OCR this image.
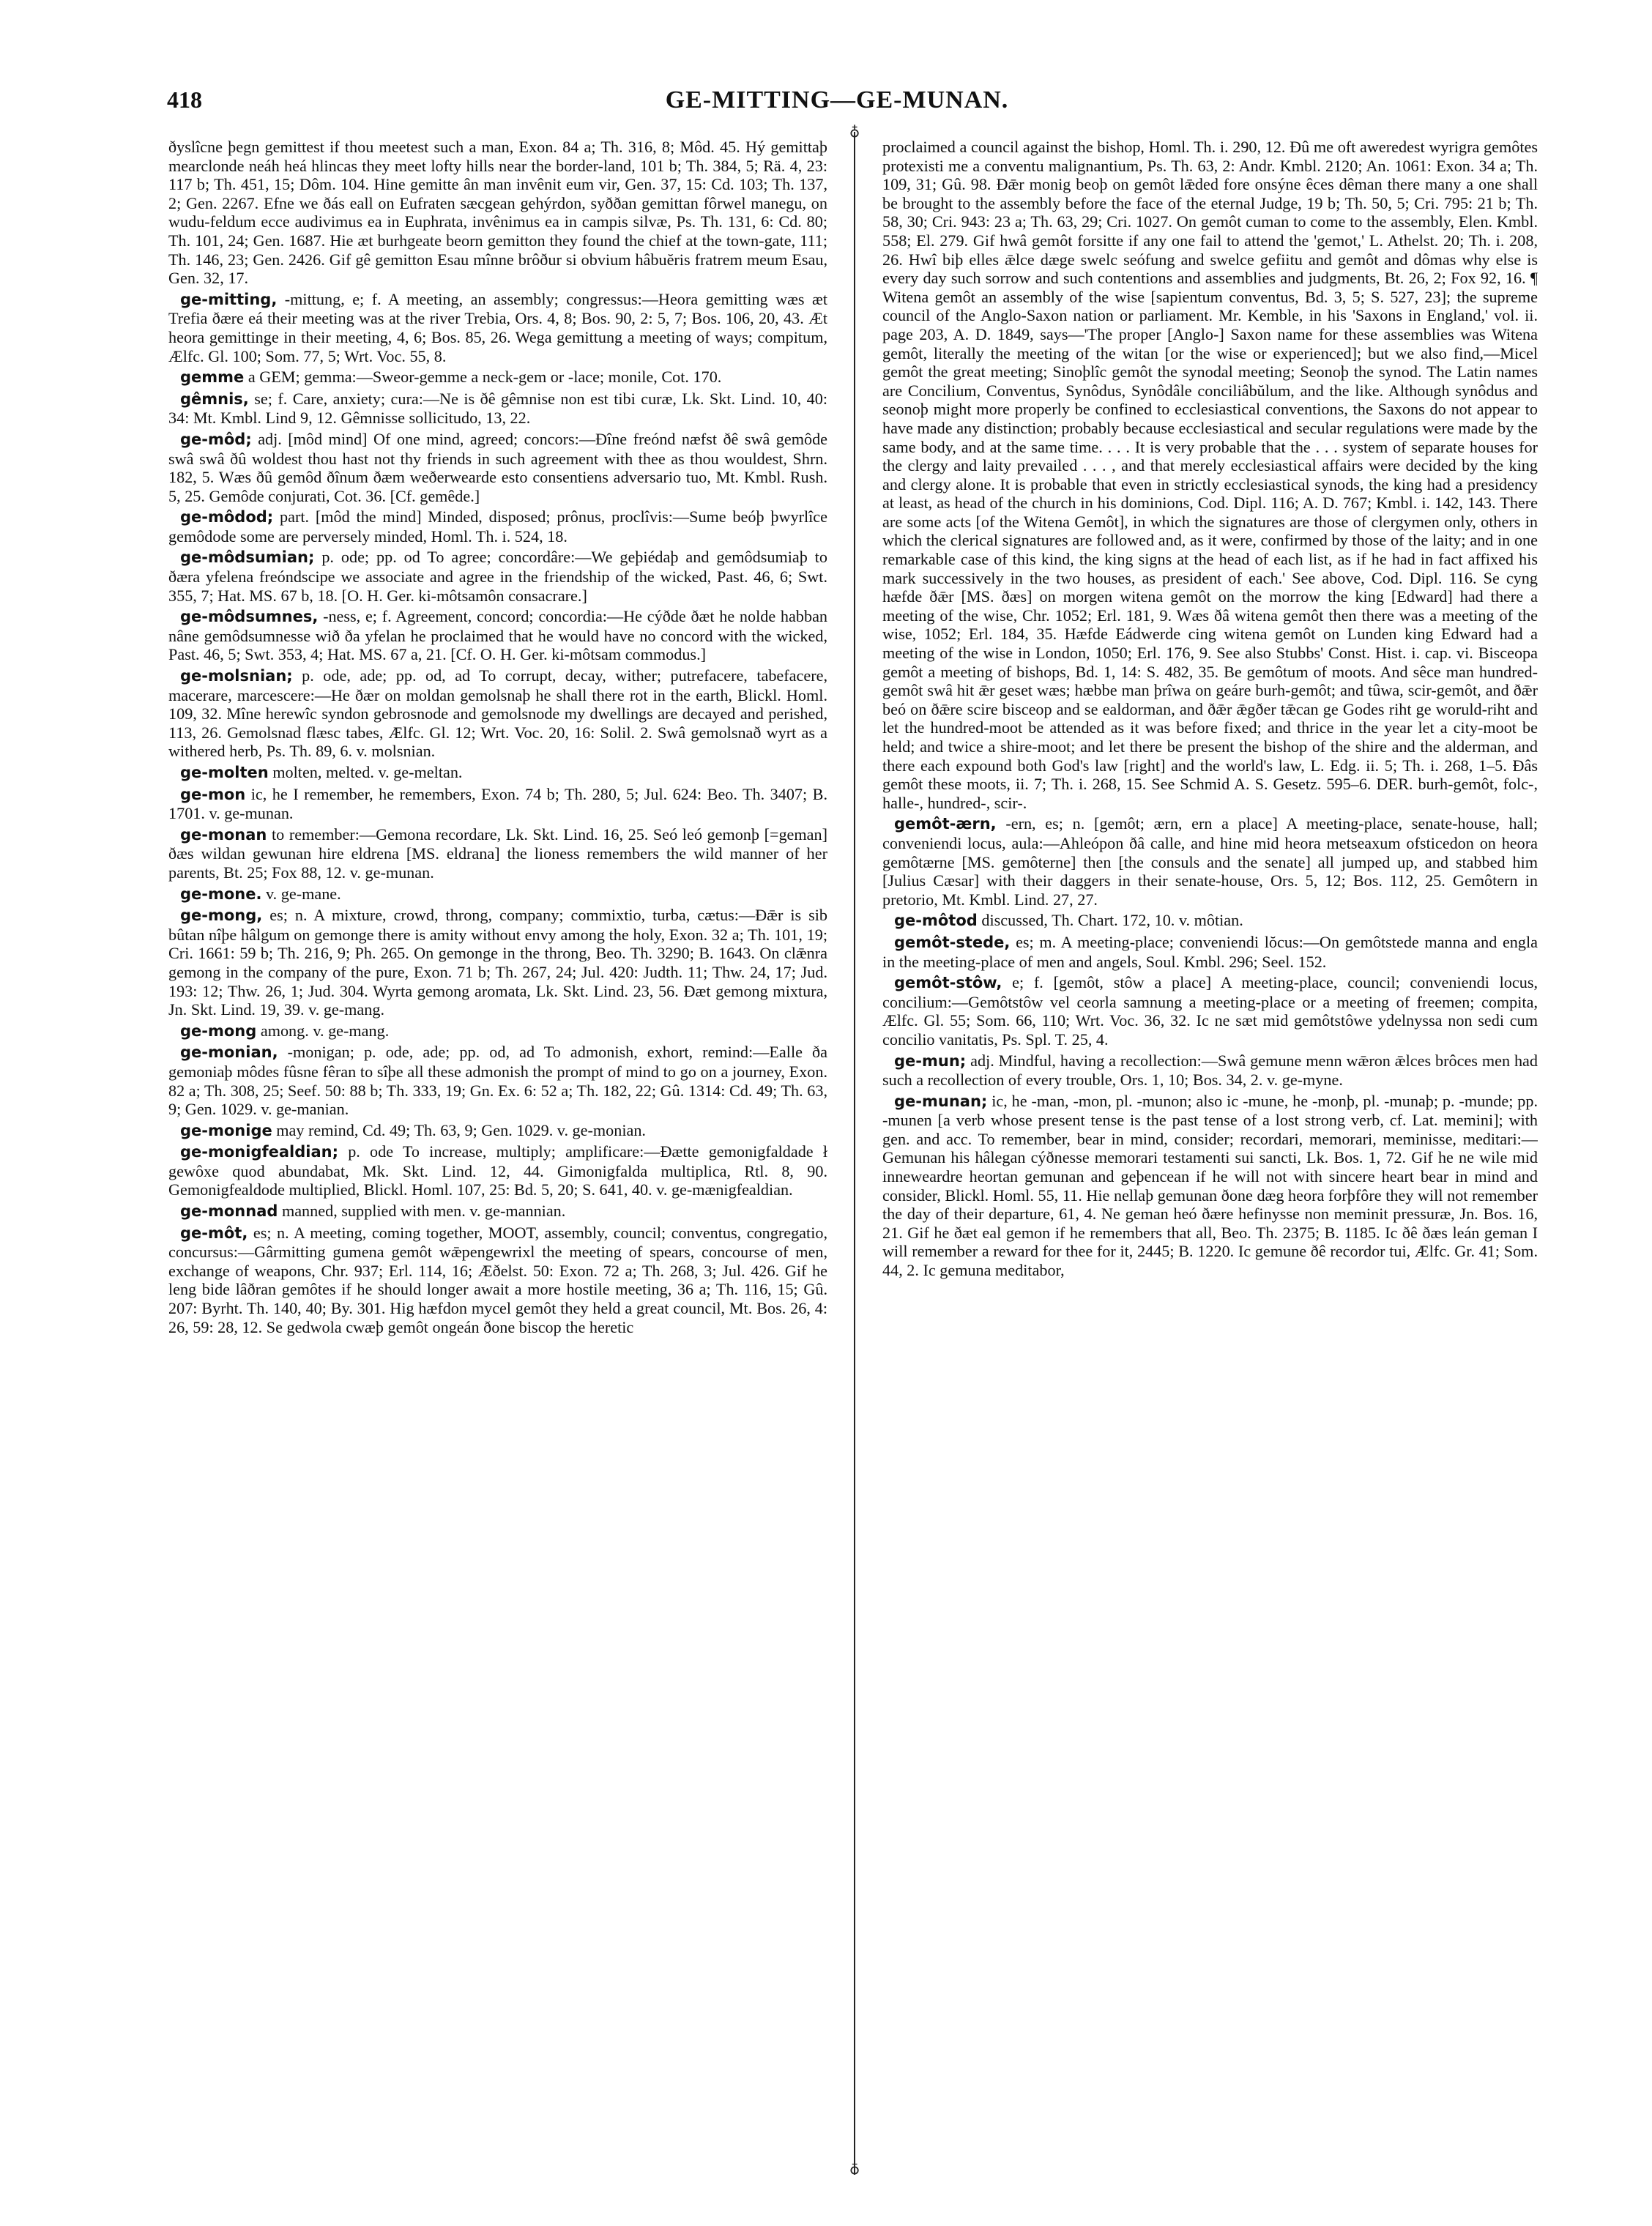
418	GE-MITTING—GE-MUNAN.
♁
♁

ðyslîcne þegn gemittest if thou meetest such a man, Exon. 84 a; Th. 316, 8; Môd. 45. Hý gemittaþ mearclonde neáh heá hlincas they meet lofty hills near the border-land, 101 b; Th. 384, 5; Rä. 4, 23: 117 b; Th. 451, 15; Dôm. 104. Hine gemitte ân man invênit eum vir, Gen. 37, 15: Cd. 103; Th. 137, 2; Gen. 2267. Efne we ðás eall on Eufraten sæcgean gehýrdon, syððan gemittan fôrwel manegu, on wudu-feldum ecce audivimus ea in Euphrata, invênimus ea in campis silvæ, Ps. Th. 131, 6: Cd. 80; Th. 101, 24; Gen. 1687. Hie æt burhgeate beorn gemitton they found the chief at the town-gate, 111; Th. 146, 23; Gen. 2426. Gif gê gemitton Esau mînne brôður si obvium hâbuĕris fratrem meum Esau, Gen. 32, 17.

ge-mitting, -mittung, e; f. A meeting, an assembly; congressus:—Heora gemitting wæs æt Trefia ðære eá their meeting was at the river Trebia, Ors. 4, 8; Bos. 90, 2: 5, 7; Bos. 106, 20, 43. Æt heora gemittinge in their meeting, 4, 6; Bos. 85, 26. Wega gemittung a meeting of ways; compitum, Ælfc. Gl. 100; Som. 77, 5; Wrt. Voc. 55, 8.

gemme a GEM; gemma:—Sweor-gemme a neck-gem or -lace; monile, Cot. 170.

gêmnis, se; f. Care, anxiety; cura:—Ne is ðê gêmnise non est tibi curæ, Lk. Skt. Lind. 10, 40: 34: Mt. Kmbl. Lind 9, 12. Gêmnisse sollicitudo, 13, 22.

ge-môd; adj. [môd mind] Of one mind, agreed; concors:—Ðîne freónd næfst ðê swâ gemôde swâ swâ ðû woldest thou hast not thy friends in such agreement with thee as thou wouldest, Shrn. 182, 5. Wæs ðû gemôd ðînum ðæm weðerwearde esto consentiens adversario tuo, Mt. Kmbl. Rush. 5, 25. Gemôde conjurati, Cot. 36. [Cf. gemêde.]

ge-môdod; part. [môd the mind] Minded, disposed; prônus, proclîvis:—Sume beóþ þwyrlîce gemôdode some are perversely minded, Homl. Th. i. 524, 18.

ge-môdsumian; p. ode; pp. od To agree; concordâre:—We geþiédaþ and gemôdsumiaþ to ðæra yfelena freóndscipe we associate and agree in the friendship of the wicked, Past. 46, 6; Swt. 355, 7; Hat. MS. 67 b, 18. [O. H. Ger. ki-môtsamôn consacrare.]

ge-môdsumnes, -ness, e; f. Agreement, concord; concordia:—He cýðde ðæt he nolde habban nâne gemôdsumnesse wið ða yfelan he proclaimed that he would have no concord with the wicked, Past. 46, 5; Swt. 353, 4; Hat. MS. 67 a, 21. [Cf. O. H. Ger. ki-môtsam commodus.]

ge-molsnian; p. ode, ade; pp. od, ad To corrupt, decay, wither; putrefacere, tabefacere, macerare, marcescere:—He ðær on moldan gemolsnaþ he shall there rot in the earth, Blickl. Homl. 109, 32. Mîne herewîc syndon gebrosnode and gemolsnode my dwellings are decayed and perished, 113, 26. Gemolsnad flæsc tabes, Ælfc. Gl. 12; Wrt. Voc. 20, 16: Solil. 2. Swâ gemolsnað wyrt as a withered herb, Ps. Th. 89, 6. v. molsnian.

ge-molten molten, melted. v. ge-meltan.

ge-mon ic, he I remember, he remembers, Exon. 74 b; Th. 280, 5; Jul. 624: Beo. Th. 3407; B. 1701. v. ge-munan.

ge-monan to remember:—Gemona recordare, Lk. Skt. Lind. 16, 25. Seó leó gemonþ [=geman] ðæs wildan gewunan hire eldrena [MS. eldrana] the lioness remembers the wild manner of her parents, Bt. 25; Fox 88, 12. v. ge-munan.

ge-mone. v. ge-mane.

ge-mong, es; n. A mixture, crowd, throng, company; commixtio, turba, cætus:—Ðǣr is sib bûtan nîþe hâlgum on gemonge there is amity without envy among the holy, Exon. 32 a; Th. 101, 19; Cri. 1661: 59 b; Th. 216, 9; Ph. 265. On gemonge in the throng, Beo. Th. 3290; B. 1643. On clǣnra gemong in the company of the pure, Exon. 71 b; Th. 267, 24; Jul. 420: Judth. 11; Thw. 24, 17; Jud. 193: 12; Thw. 26, 1; Jud. 304. Wyrta gemong aromata, Lk. Skt. Lind. 23, 56. Ðæt gemong mixtura, Jn. Skt. Lind. 19, 39. v. ge-mang.

ge-mong among. v. ge-mang.

ge-monian, -monigan; p. ode, ade; pp. od, ad To admonish, exhort, remind:—Ealle ða gemoniaþ môdes fûsne fêran to sîþe all these admonish the prompt of mind to go on a journey, Exon. 82 a; Th. 308, 25; Seef. 50: 88 b; Th. 333, 19; Gn. Ex. 6: 52 a; Th. 182, 22; Gû. 1314: Cd. 49; Th. 63, 9; Gen. 1029. v. ge-manian.

ge-monige may remind, Cd. 49; Th. 63, 9; Gen. 1029. v. ge-monian.

ge-monigfealdian; p. ode To increase, multiply; amplificare:—Ðætte gemonigfaldade ł gewôxe quod abundabat, Mk. Skt. Lind. 12, 44. Gimonigfalda multiplica, Rtl. 8, 90. Gemonigfealdode multiplied, Blickl. Homl. 107, 25: Bd. 5, 20; S. 641, 40. v. ge-mænigfealdian.

ge-monnad manned, supplied with men. v. ge-mannian.

ge-môt, es; n. A meeting, coming together, MOOT, assembly, council; conventus, congregatio, concursus:—Gârmitting gumena gemôt wǣpengewrixl the meeting of spears, concourse of men, exchange of weapons, Chr. 937; Erl. 114, 16; Æðelst. 50: Exon. 72 a; Th. 268, 3; Jul. 426. Gif he leng bide lâðran gemôtes if he should longer await a more hostile meeting, 36 a; Th. 116, 15; Gû. 207: Byrht. Th. 140, 40; By. 301. Hig hæfdon mycel gemôt they held a great council, Mt. Bos. 26, 4: 26, 59: 28, 12. Se gedwola cwæþ gemôt ongeán ðone biscop the heretic

proclaimed a council against the bishop, Homl. Th. i. 290, 12. Ðû me oft aweredest wyrigra gemôtes protexisti me a conventu malignantium, Ps. Th. 63, 2: Andr. Kmbl. 2120; An. 1061: Exon. 34 a; Th. 109, 31; Gû. 98. Ðǣr monig beoþ on gemôt lǣded fore onsýne êces dêman there many a one shall be brought to the assembly before the face of the eternal Judge, 19 b; Th. 50, 5; Cri. 795: 21 b; Th. 58, 30; Cri. 943: 23 a; Th. 63, 29; Cri. 1027. On gemôt cuman to come to the assembly, Elen. Kmbl. 558; El. 279. Gif hwâ gemôt forsitte if any one fail to attend the 'gemot,' L. Athelst. 20; Th. i. 208, 26. Hwî biþ elles ǣlce dæge swelc seófung and swelce gefiitu and gemôt and dômas why else is every day such sorrow and such contentions and assemblies and judgments, Bt. 26, 2; Fox 92, 16. ¶ Witena gemôt an assembly of the wise [sapientum conventus, Bd. 3, 5; S. 527, 23]; the supreme council of the Anglo-Saxon nation or parliament. Mr. Kemble, in his 'Saxons in England,' vol. ii. page 203, A. D. 1849, says—'The proper [Anglo-] Saxon name for these assemblies was Witena gemôt, literally the meeting of the witan [or the wise or experienced]; but we also find,—Micel gemôt the great meeting; Sinoþlîc gemôt the synodal meeting; Seonoþ the synod. The Latin names are Concilium, Conventus, Synôdus, Synôdâle conciliâbŭlum, and the like. Although synôdus and seonoþ might more properly be confined to ecclesiastical conventions, the Saxons do not appear to have made any distinction; probably because ecclesiastical and secular regulations were made by the same body, and at the same time. . . . It is very probable that the . . . system of separate houses for the clergy and laity prevailed . . . , and that merely ecclesiastical affairs were decided by the king and clergy alone. It is probable that even in strictly ecclesiastical synods, the king had a presidency at least, as head of the church in his dominions, Cod. Dipl. 116; A. D. 767; Kmbl. i. 142, 143. There are some acts [of the Witena Gemôt], in which the signatures are those of clergymen only, others in which the clerical signatures are followed and, as it were, confirmed by those of the laity; and in one remarkable case of this kind, the king signs at the head of each list, as if he had in fact affixed his mark successively in the two houses, as president of each.' See above, Cod. Dipl. 116. Se cyng hæfde ðǣr [MS. ðæs] on morgen witena gemôt on the morrow the king [Edward] had there a meeting of the wise, Chr. 1052; Erl. 181, 9. Wæs ðâ witena gemôt then there was a meeting of the wise, 1052; Erl. 184, 35. Hæfde Eádwerde cing witena gemôt on Lunden king Edward had a meeting of the wise in London, 1050; Erl. 176, 9. See also Stubbs' Const. Hist. i. cap. vi. Bisceopa gemôt a meeting of bishops, Bd. 1, 14: S. 482, 35. Be gemôtum of moots. And sêce man hundred-gemôt swâ hit ǣr geset wæs; hæbbe man þrîwa on geáre burh-gemôt; and tûwa, scir-gemôt, and ðǣr beó on ðǣre scire bisceop and se ealdorman, and ðǣr ǣgðer tǣcan ge Godes riht ge woruld-riht and let the hundred-moot be attended as it was before fixed; and thrice in the year let a city-moot be held; and twice a shire-moot; and let there be present the bishop of the shire and the alderman, and there each expound both God's law [right] and the world's law, L. Edg. ii. 5; Th. i. 268, 1–5. Ðâs gemôt these moots, ii. 7; Th. i. 268, 15. See Schmid A. S. Gesetz. 595–6. DER. burh-gemôt, folc-, halle-, hundred-, scir-.

gemôt-ærn, -ern, es; n. [gemôt; ærn, ern a place] A meeting-place, senate-house, hall; conveniendi locus, aula:—Ahleópon ðâ calle, and hine mid heora metseaxum ofsticedon on heora gemôtærne [MS. gemôterne] then [the consuls and the senate] all jumped up, and stabbed him [Julius Cæsar] with their daggers in their senate-house, Ors. 5, 12; Bos. 112, 25. Gemôtern in pretorio, Mt. Kmbl. Lind. 27, 27.

ge-môtod discussed, Th. Chart. 172, 10. v. môtian.

gemôt-stede, es; m. A meeting-place; conveniendi lŏcus:—On gemôtstede manna and engla in the meeting-place of men and angels, Soul. Kmbl. 296; Seel. 152.

gemôt-stôw, e; f. [gemôt, stôw a place] A meeting-place, council; conveniendi locus, concilium:—Gemôtstôw vel ceorla samnung a meeting-place or a meeting of freemen; compita, Ælfc. Gl. 55; Som. 66, 110; Wrt. Voc. 36, 32. Ic ne sæt mid gemôtstôwe ydelnyssa non sedi cum concilio vanitatis, Ps. Spl. T. 25, 4.

ge-mun; adj. Mindful, having a recollection:—Swâ gemune menn wǣron ǣlces brôces men had such a recollection of every trouble, Ors. 1, 10; Bos. 34, 2. v. ge-myne.

ge-munan; ic, he -man, -mon, pl. -munon; also ic -mune, he -monþ, pl. -munaþ; p. -munde; pp. -munen [a verb whose present tense is the past tense of a lost strong verb, cf. Lat. memini]; with gen. and acc. To remember, bear in mind, consider; recordari, memorari, meminisse, meditari:—Gemunan his hâlegan cýðnesse memorari testamenti sui sancti, Lk. Bos. 1, 72. Gif he ne wile mid inneweardre heortan gemunan and geþencean if he will not with sincere heart bear in mind and consider, Blickl. Homl. 55, 11. Hie nellaþ gemunan ðone dæg heora forþfôre they will not remember the day of their departure, 61, 4. Ne geman heó ðære hefinysse non meminit pressuræ, Jn. Bos. 16, 21. Gif he ðæt eal gemon if he remembers that all, Beo. Th. 2375; B. 1185. Ic ðê ðæs leán geman I will remember a reward for thee for it, 2445; B. 1220. Ic gemune ðê recordor tui, Ælfc. Gr. 41; Som. 44, 2. Ic gemuna meditabor,
